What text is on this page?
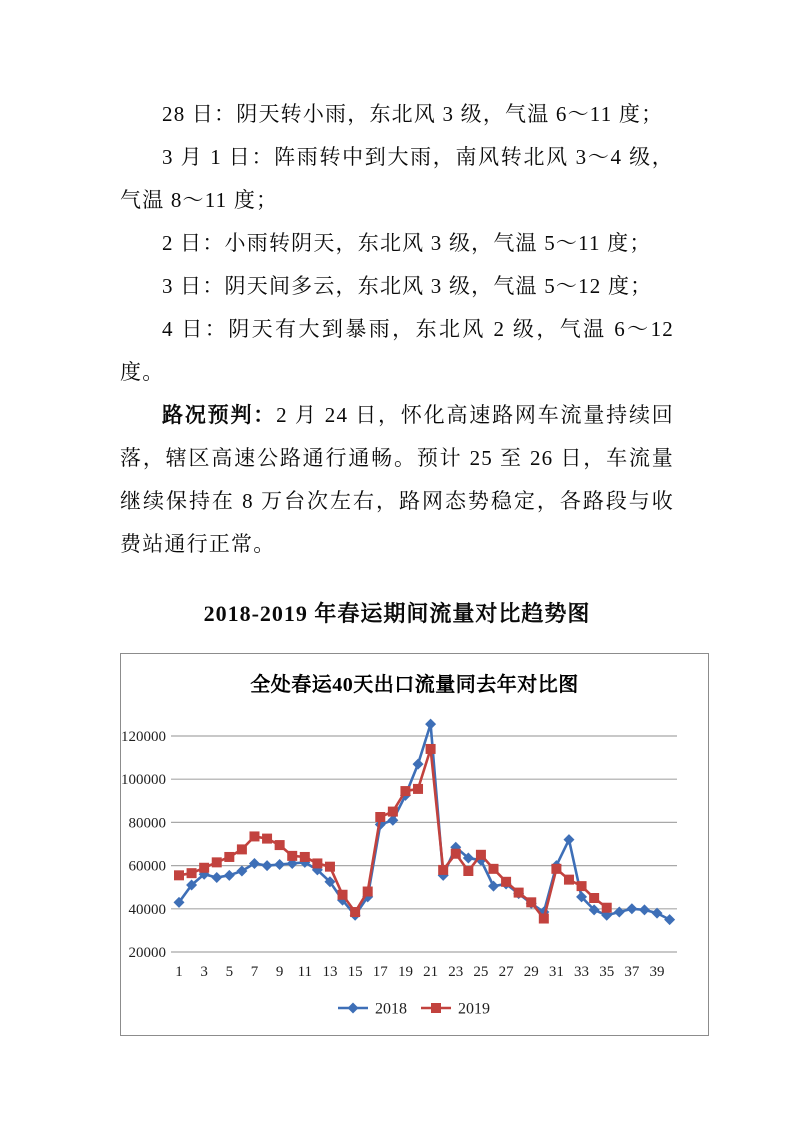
28 日：阴天转小雨，东北风 3 级，气温 6～11 度；
3 月 1 日：阵雨转中到大雨，南风转北风 3～4 级，气温 8～11 度；
2 日：小雨转阴天，东北风 3 级，气温 5～11 度；
3 日：阴天间多云，东北风 3 级，气温 5～12 度；
4 日：阴天有大到暴雨，东北风 2 级，气温 6～12 度。
路况预判：2 月 24 日，怀化高速路网车流量持续回落，辖区高速公路通行通畅。预计 25 至 26 日，车流量继续保持在 8 万台次左右，路网态势稳定，各路段与收费站通行正常。
2018-2019 年春运期间流量对比趋势图
20000
40000
60000
80000
100000
120000
1 3 5 7 9 11 13 15 17 19 21 23 25 27 29 31 33 35 37 39
2018	2019
全处春运40天出口流量同去年对比图
